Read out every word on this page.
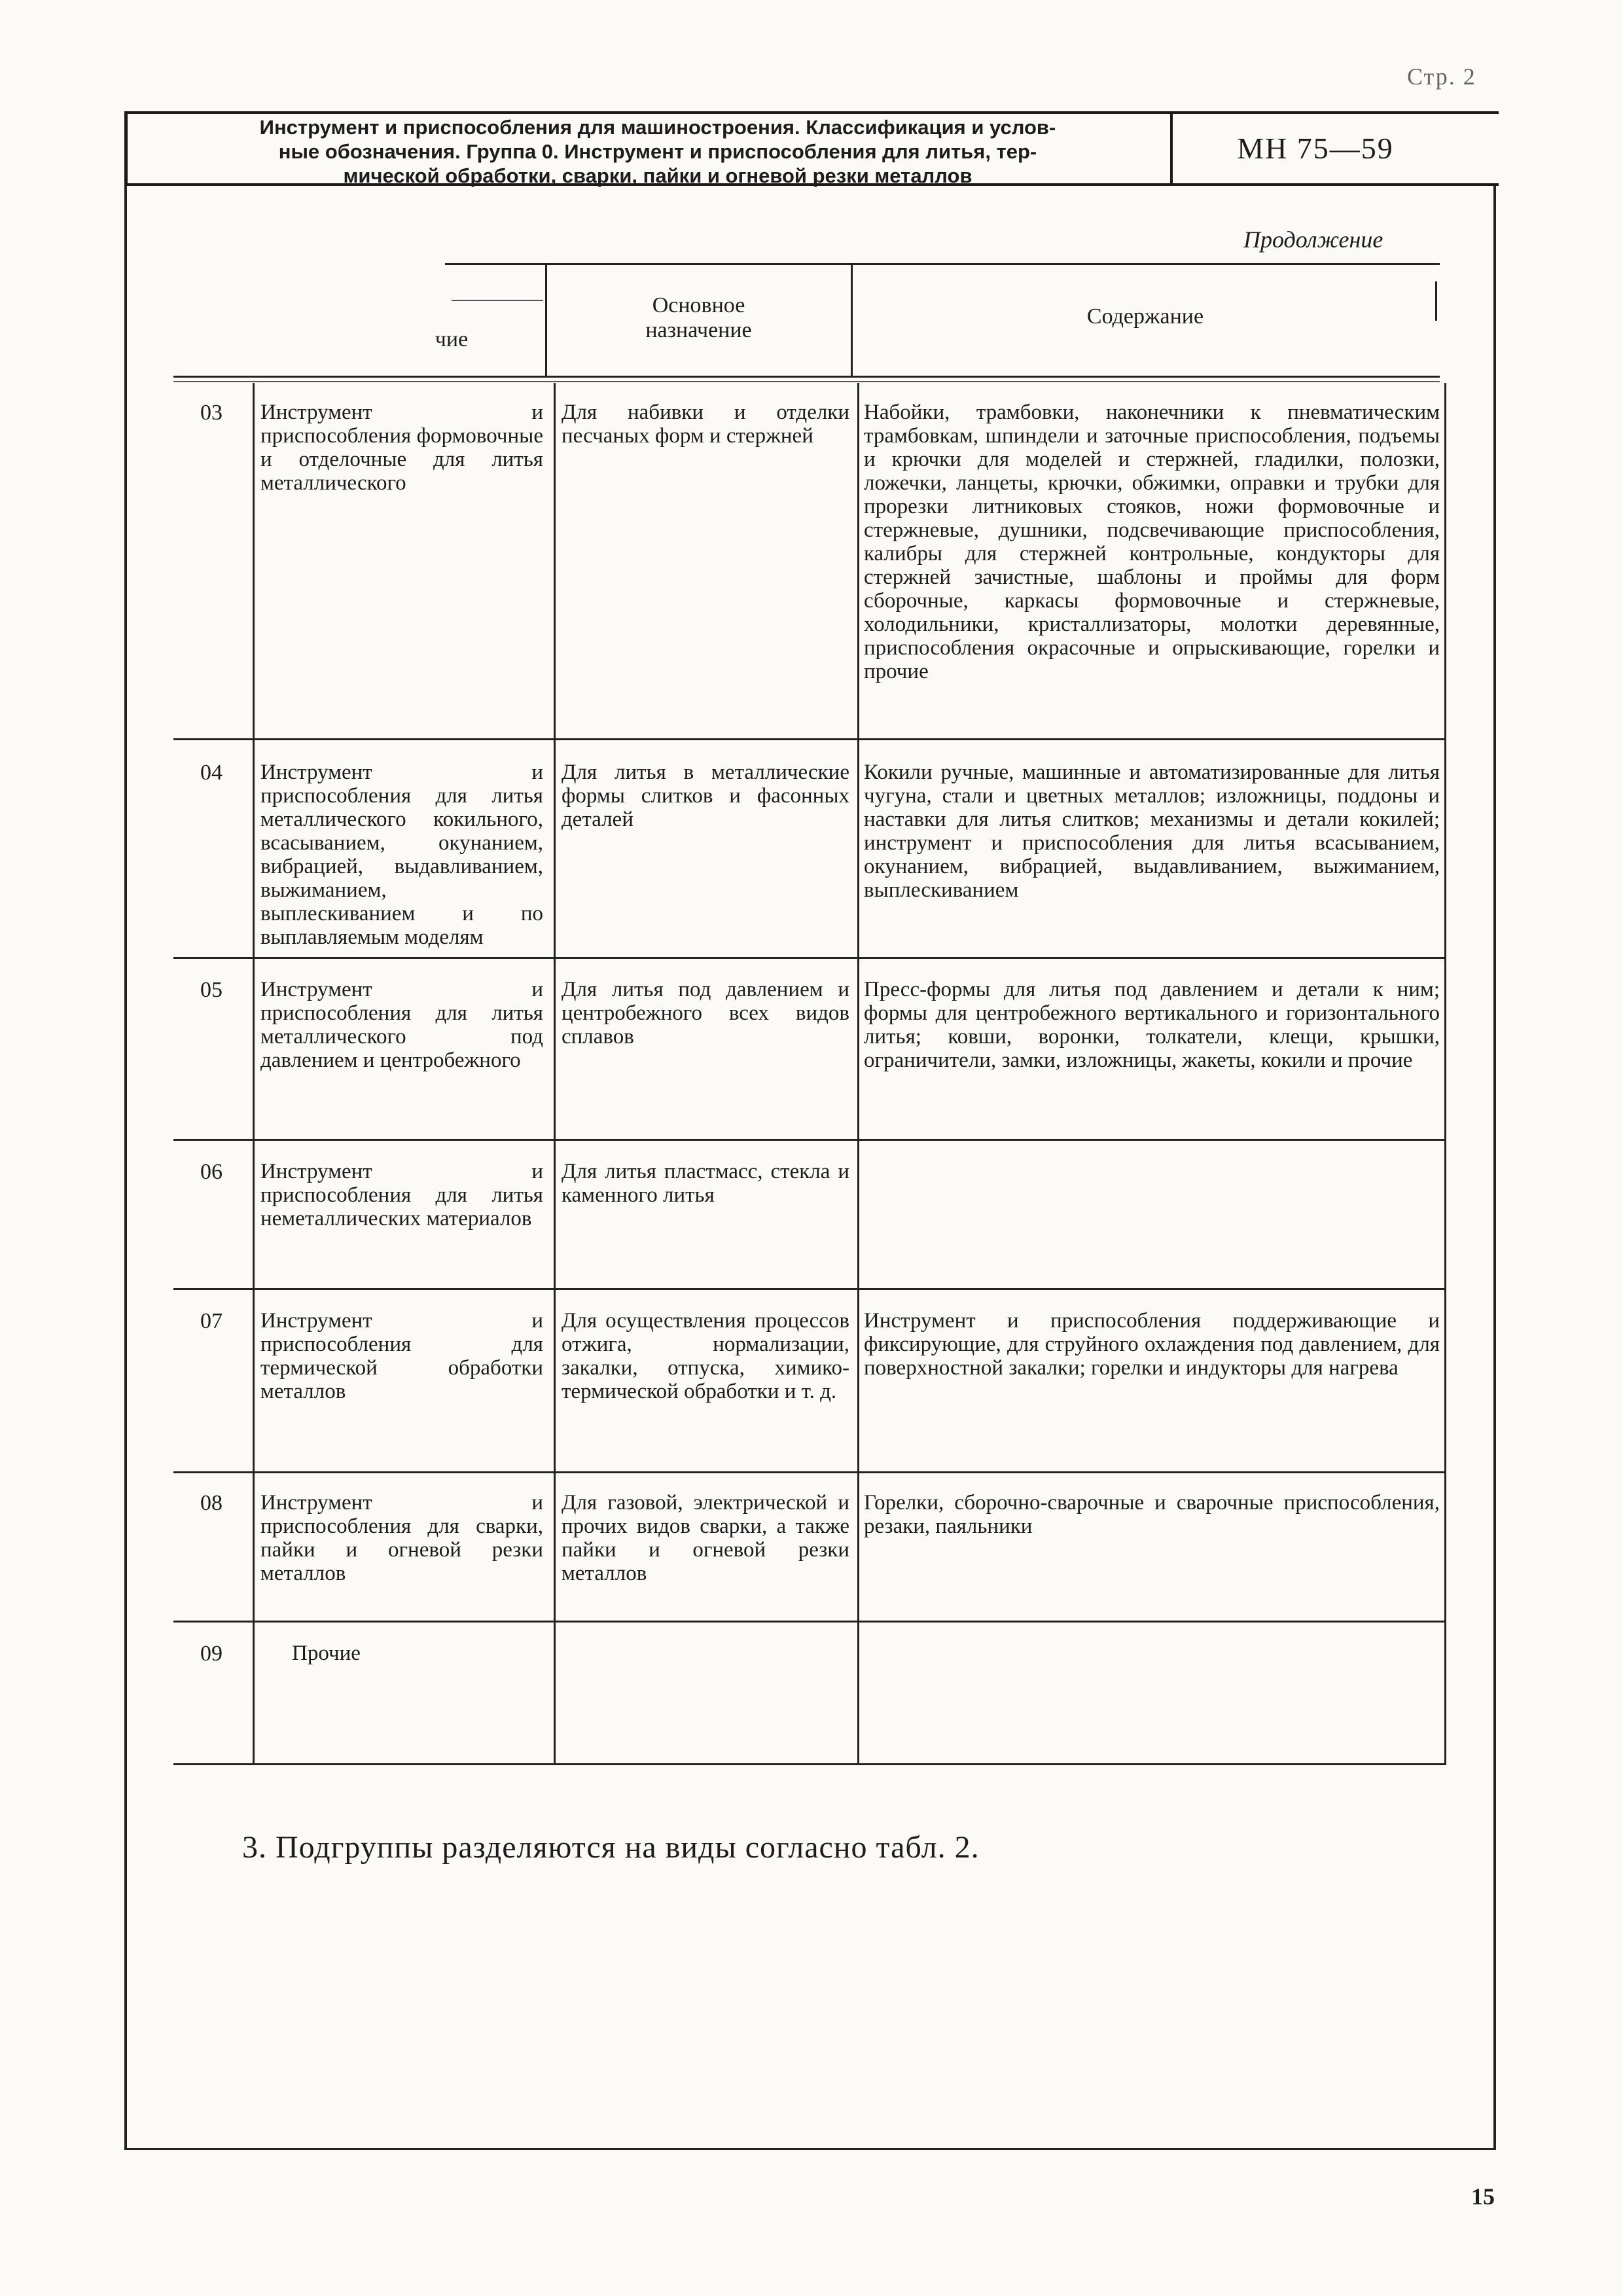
Стр. 2
Инструмент и приспособления для машиностроения. Классификация и услов-
ные обозначения. Группа 0. Инструмент и приспособления для литья, тер-
мической обработки, сварки, пайки и огневой резки металлов
МН 75—59
Продолжение
чие
Основное
назначение
Содержание
03 Инструмент и приспособления формовочные и отделочные для литья металлического
Для набивки и отделки песчаных форм и стержней
Набойки, трамбовки, наконечники к пневматическим трамбовкам, шпиндели и заточные приспособления, подъемы и крючки для моделей и стержней, гладилки, полозки, ложечки, ланцеты, крючки, обжимки, оправки и трубки для прорезки литниковых стояков, ножи формовочные и стержневые, душники, подсвечивающие приспособления, калибры для стержней контрольные, кондукторы для стержней зачистные, шаблоны и проймы для форм сборочные, каркасы формовочные и стержневые, холодильники, кристаллизаторы, молотки деревянные, приспособления окрасочные и опрыскивающие, горелки и прочие
04 Инструмент и приспособления для литья металлического кокильного, всасыванием, окунанием, вибрацией, выдавливанием, выжиманием, выплескиванием и по выплавляемым моделям
Для литья в металлические формы слитков и фасонных деталей
Кокили ручные, машинные и автоматизированные для литья чугуна, стали и цветных металлов; изложницы, поддоны и наставки для литья слитков; механизмы и детали кокилей; инструмент и приспособления для литья всасыванием, окунанием, вибрацией, выдавливанием, выжиманием, выплескиванием
05 Инструмент и приспособления для литья металлического под давлением и центробежного
Для литья под давлением и центробежного всех видов сплавов
Пресс-формы для литья под давлением и детали к ним; формы для центробежного вертикального и горизонтального литья; ковши, воронки, толкатели, клещи, крышки, ограничители, замки, изложницы, жакеты, кокили и прочие
06 Инструмент и приспособления для литья неметаллических материалов
Для литья пластмасс, стекла и каменного литья
07 Инструмент и приспособления для термической обработки металлов
Для осуществления процессов отжига, нормализации, закалки, отпуска, химико-термической обработки и т. д.
Инструмент и приспособления поддерживающие и фиксирующие, для струйного охлаждения под давлением, для поверхностной закалки; горелки и индукторы для нагрева
08 Инструмент и приспособления для сварки, пайки и огневой резки металлов
Для газовой, электрической и прочих видов сварки, а также пайки и огневой резки металлов
Горелки, сборочно-сварочные и сварочные приспособления, резаки, паяльники
09	Прочие
3. Подгруппы разделяются на виды согласно табл. 2.
15
